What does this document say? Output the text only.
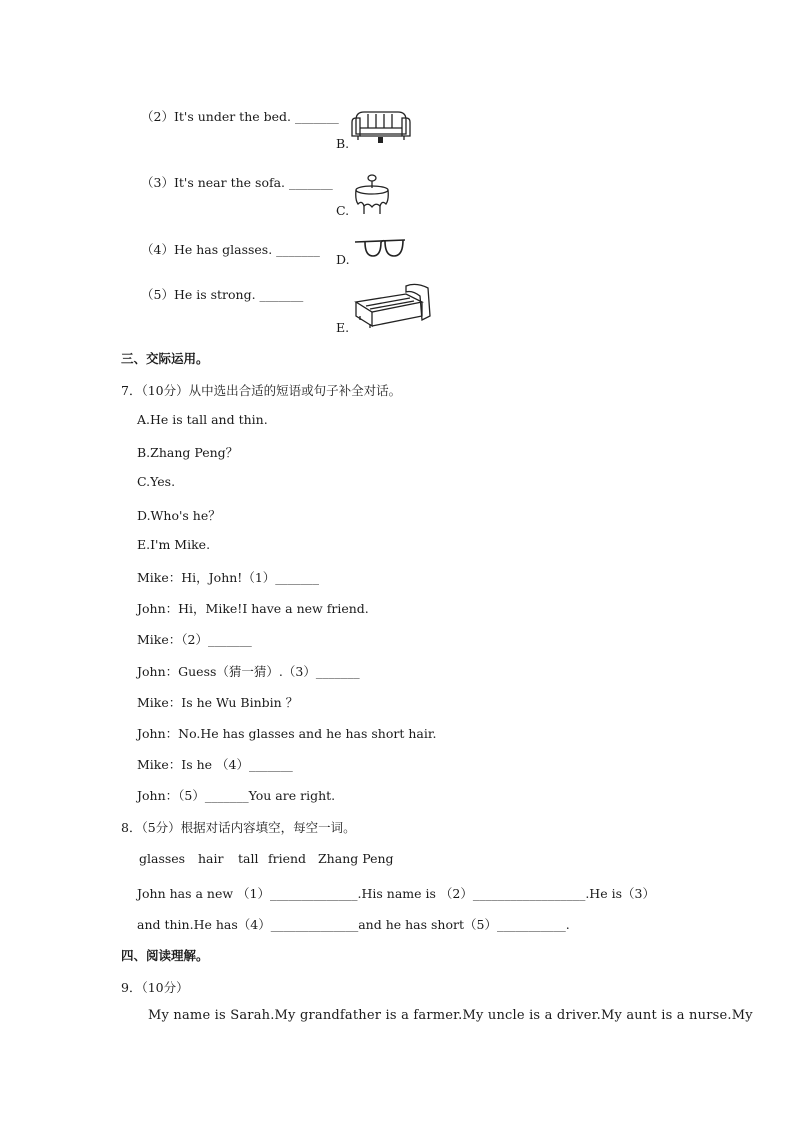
（2）It's under the bed. _______
B.
（3）It's near the sofa. _______
C.
（4）He has glasses. _______
D.
（5）He is strong. _______
E.
三、交际运用。
7．（10分）从中选出合适的短语或句子补全对话。
A.He is tall and thin.
B.Zhang Peng？
C.Yes.
D.Who's he？
E.I'm Mike.
Mike：Hi，John!（1）_______
John：Hi，Mike!I have a new friend.
Mike：（2）_______
John：Guess（猜一猜）.（3）_______
Mike：Is he Wu Binbin ？
John：No.He has glasses and he has short hair.
Mike：Is he （4）_______
John：（5）_______You are right.
8．（5分）根据对话内容填空，每空一词。
glasses hair tall friend Zhang Peng
John has a new （1）______________.His name is （2）__________________.He is（3）
and thin.He has（4）______________and he has short（5）___________.
四、阅读理解。
9．（10分）
My name is Sarah.My grandfather is a farmer.My uncle is a driver.My aunt is a nurse.My
